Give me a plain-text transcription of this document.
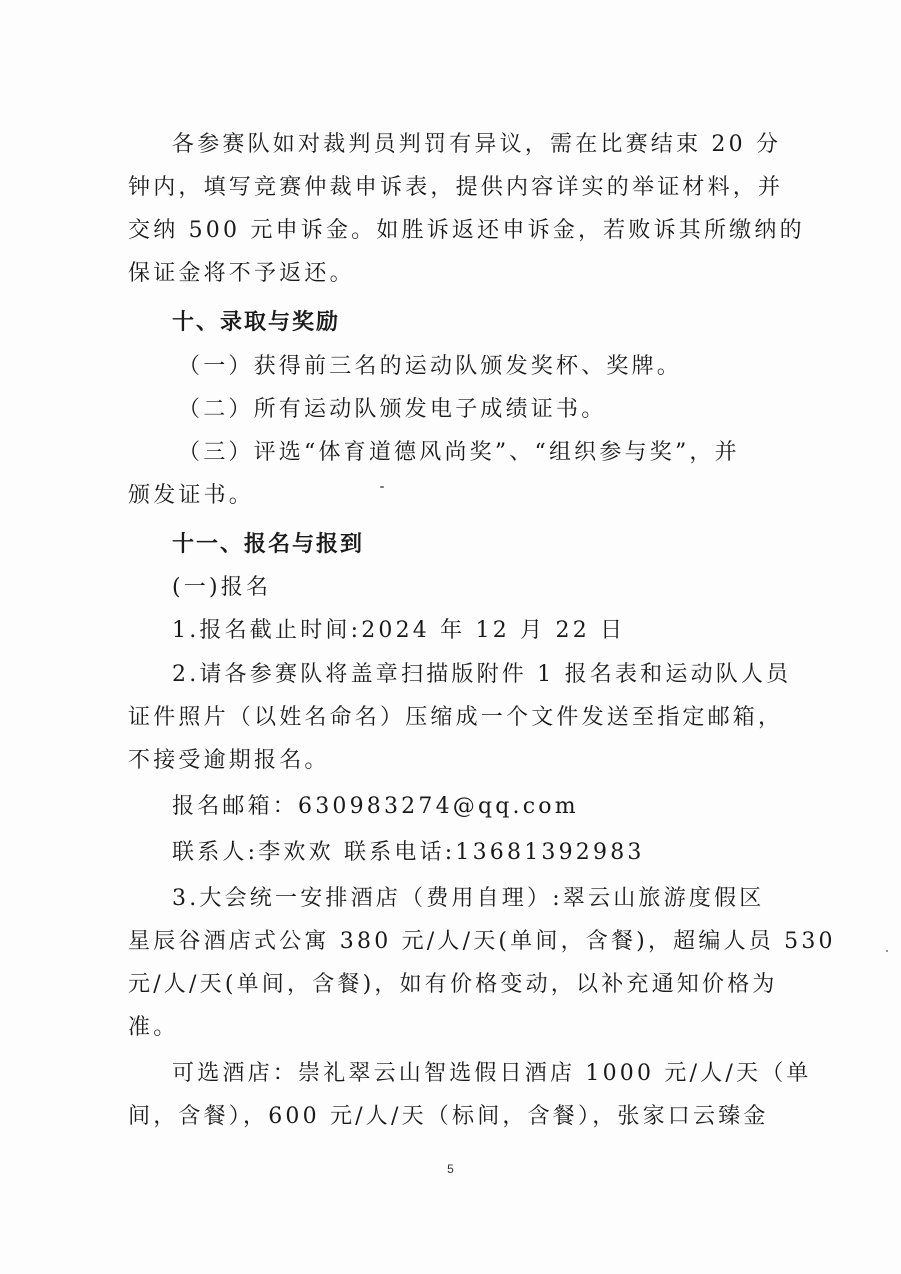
各参赛队如对裁判员判罚有异议，需在比赛结束 20 分
钟内，填写竞赛仲裁申诉表，提供内容详实的举证材料，并
交纳 500 元申诉金。如胜诉返还申诉金，若败诉其所缴纳的
保证金将不予返还。
十、录取与奖励
（一）获得前三名的运动队颁发奖杯、奖牌。
（二）所有运动队颁发电子成绩证书。
（三）评选“体育道德风尚奖”、“组织参与奖”，并
颁发证书。
十一、报名与报到
(一)报名
1.报名截止时间:2024 年 12 月 22 日
2.请各参赛队将盖章扫描版附件 1 报名表和运动队人员
证件照片（以姓名命名）压缩成一个文件发送至指定邮箱，
不接受逾期报名。
报名邮箱：630983274@qq.com
联系人:李欢欢 联系电话:13681392983
3.大会统一安排酒店（费用自理）:翠云山旅游度假区
星辰谷酒店式公寓 380 元/人/天(单间，含餐)，超编人员 530
元/人/天(单间，含餐)，如有价格变动，以补充通知价格为
准。
可选酒店：崇礼翠云山智选假日酒店 1000 元/人/天（单
间，含餐），600 元/人/天（标间，含餐），张家口云臻金
5
